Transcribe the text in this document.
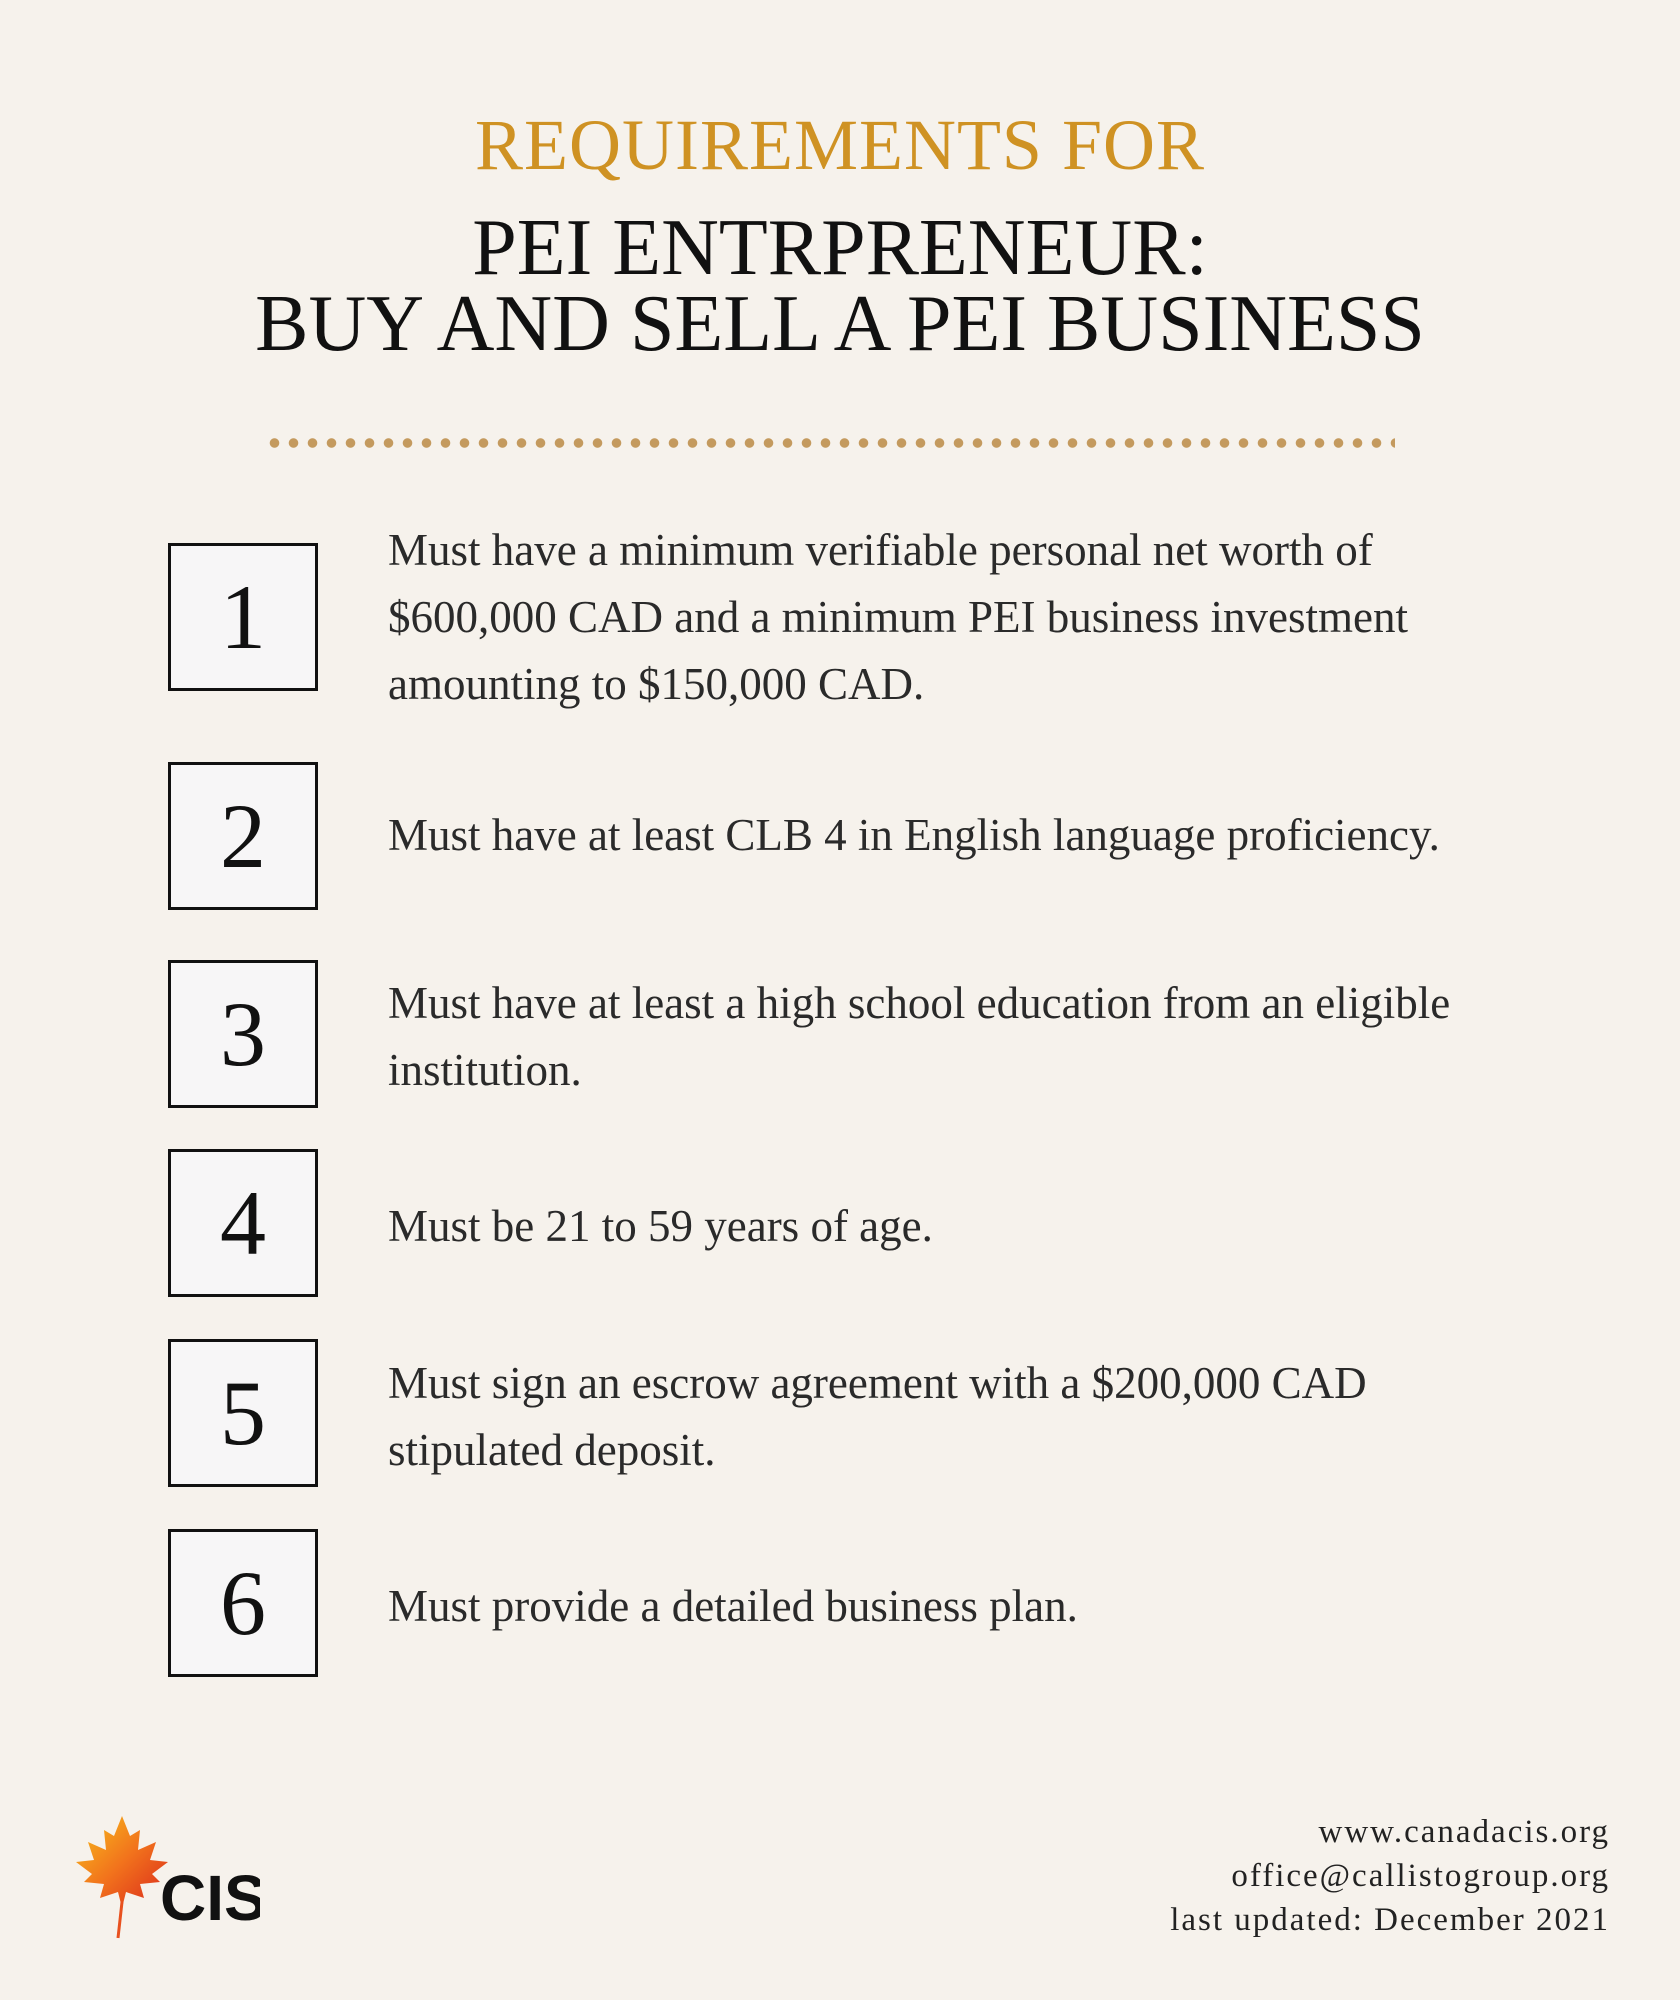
REQUIREMENTS FOR
PEI ENTRPRENEUR:
BUY AND SELL A PEI BUSINESS
1
Must have a minimum verifiable personal net worth of $600,000 CAD and a minimum PEI business investment amounting to $150,000 CAD.
2	Must have at least CLB 4 in English language proficiency.
3	Must have at least a high school education from an eligible institution.
4	Must be 21 to 59 years of age.
5	Must sign an escrow agreement with a $200,000 CAD stipulated deposit.
6	Must provide a detailed business plan.
CIS
www.canadacis.org
office@callistogroup.org
last updated: December 2021
